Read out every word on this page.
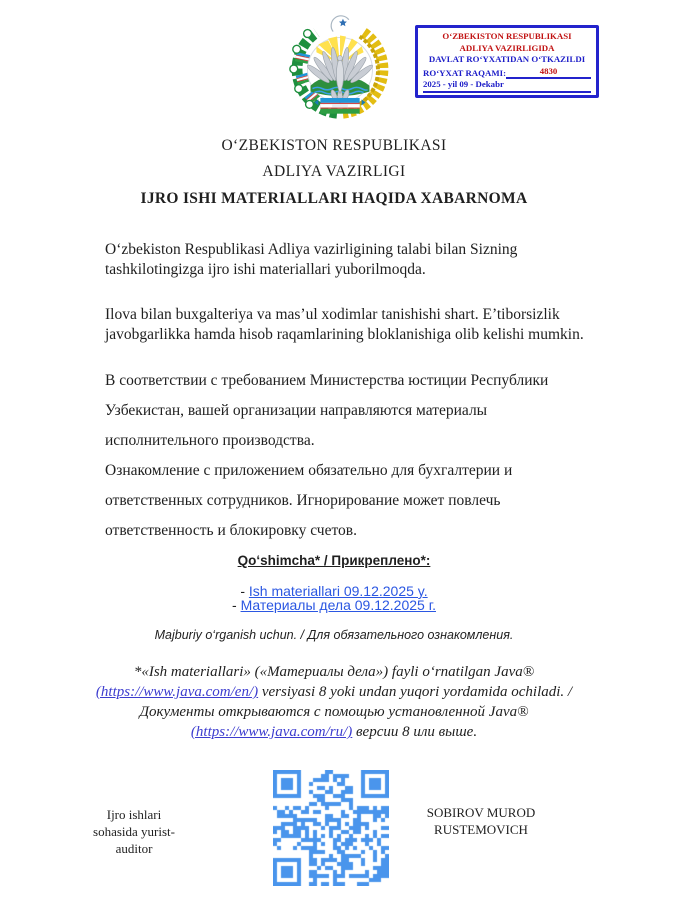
O‘ZBEKISTON RESPUBLIKASI
ADLIYA VAZIRLIGIDA
DAVLAT RO‘YXATIDAN O‘TKAZILDI
RO‘YXAT RAQAMI:	4830
2025 - yil 09 - Dekabr
O‘ZBEKISTON RESPUBLIKASI
ADLIYA VAZIRLIGI
IJRO ISHI MATERIALLARI HAQIDA XABARNOMA
O‘zbekiston Respublikasi Adliya vazirligining talabi bilan Sizning tashkilotingizga ijro ishi materiallari yuborilmoqda.
Ilova bilan buxgalteriya va mas’ul xodimlar tanishishi shart. E’tiborsizlik javobgarlikka hamda hisob raqamlarining bloklanishiga olib kelishi mumkin.
В соответствии с требованием Министерства юстиции Республики Узбекистан, вашей организации направляются материалы исполнительного производства.
Ознакомление с приложением обязательно для бухгалтерии и ответственных сотрудников. Игнорирование может повлечь ответственность и блокировку счетов.
Qo‘shimcha* / Прикреплено*:
- Ish materiallari 09.12.2025 y.
- Материалы дела 09.12.2025 г.
Majburiy o‘rganish uchun. / Для обязательного ознакомления.
*«Ish materiallari» («Материалы дела») fayli o‘rnatilgan Java®
(https://www.java.com/en/) versiyasi 8 yoki undan yuqori yordamida ochiladi. /
Документы открываются с помощью установленной Java®
(https://www.java.com/ru/) версии 8 или выше.
Ijro ishlari
sohasida yurist-
auditor
SOBIROV MUROD
RUSTEMOVICH
